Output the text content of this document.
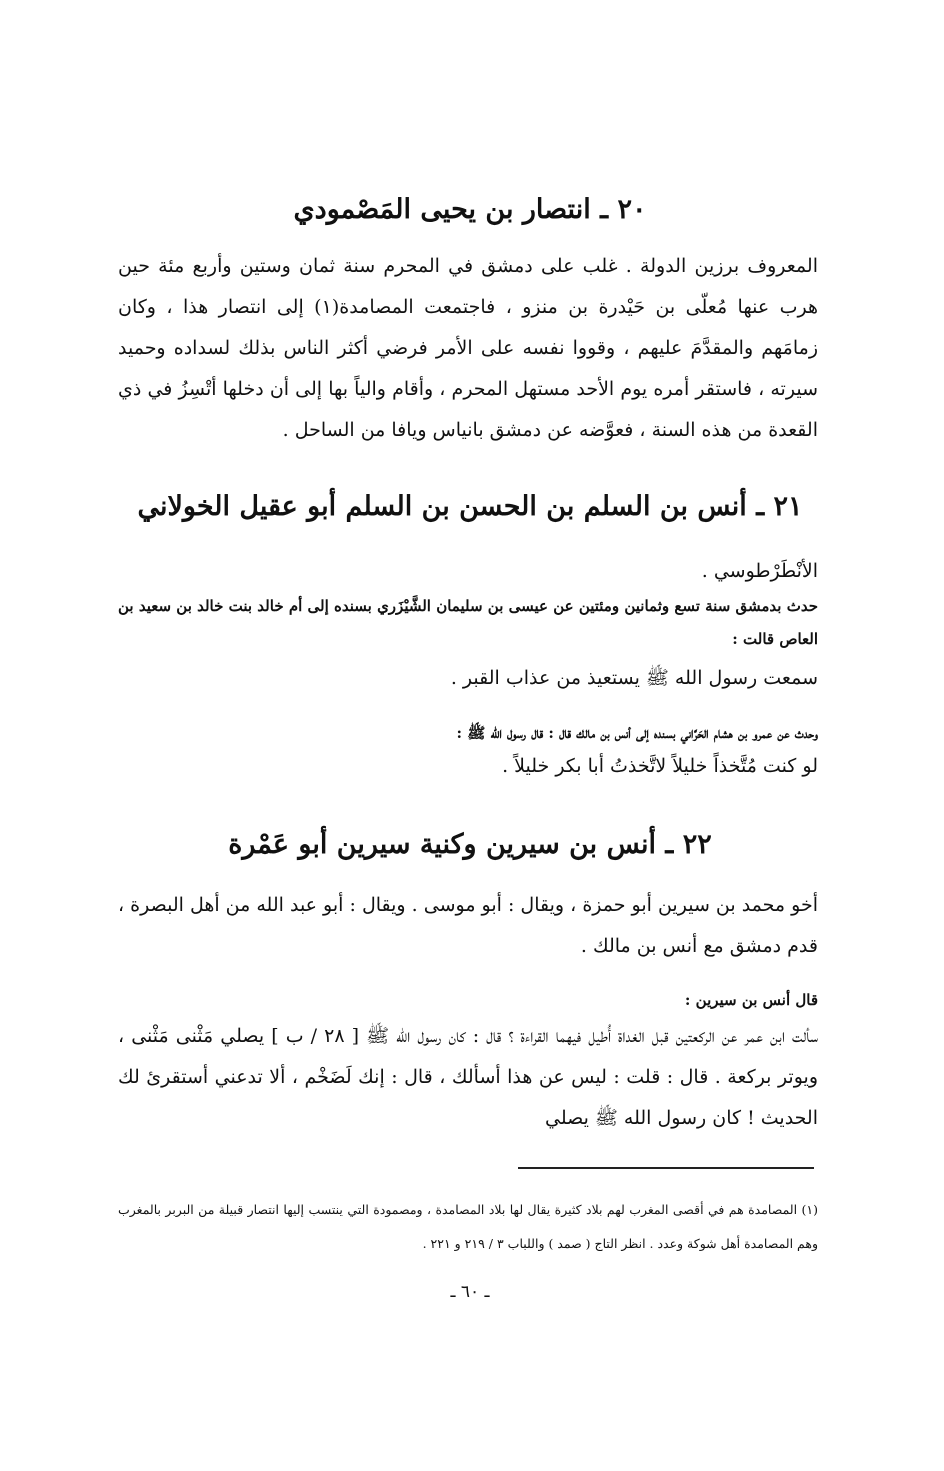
٢٠ ـ انتصار بن يحيى المَصْمودي
المعروف برزين الدولة . غلب على دمشق في المحرم سنة ثمان وستين وأربع مئة حين هرب عنها مُعلّى بن حَيْدرة بن منزو ، فاجتمعت المصامدة(١) إلى انتصار هذا ، وكان زمامَهم والمقدَّمَ عليهم ، وقووا نفسه على الأمر فرضي أكثر الناس بذلك لسداده وحميد سيرته ، فاستقر أمره يوم الأحد مستهل المحرم ، وأقام والياً بها إلى أن دخلها أتْسِزُ في ذي القعدة من هذه السنة ، فعوَّضه عن دمشق بانياس ويافا من الساحل .
٢١ ـ أنس بن السلم بن الحسن بن السلم أبو عقيل الخولاني
الأنْطَرْطوسي .
حدث بدمشق سنة تسع وثمانين ومئتين عن عيسى بن سليمان الشَّيْزَري بسنده إلى أم خالد بنت خالد بن سعيد بن العاص قالت :
سمعت رسول الله ﷺ يستعيذ من عذاب القبر .
وحدث عن عمرو بن هشام الحَرَّاني بسنده إلى أنس بن مالك قال : قال رسول الله ﷺ :
لو كنت مُتَّخذاً خليلاً لاتَّخذتُ أبا بكر خليلاً .
٢٢ ـ أنس بن سيرين وكنية سيرين أبو عَمْرة
أخو محمد بن سيرين أبو حمزة ، ويقال : أبو موسى . ويقال : أبو عبد الله من أهل البصرة ، قدم دمشق مع أنس بن مالك .
قال أنس بن سيرين :
سألت ابن عمر عن الركعتين قبل الغداة أُطيل فيهما القراءة ؟ قال : كان رسول الله ﷺ [ ٢٨ / ب ] يصلي مَثْنى مَثْنى ، ويوتر بركعة . قال : قلت : ليس عن هذا أسألك ، قال : إنك لَضَخْم ، ألا تدعني أستقرئ لك الحديث ! كان رسول الله ﷺ يصلي
(١) المصامدة هم في أقصى المغرب لهم بلاد كثيرة يقال لها بلاد المصامدة ، ومصمودة التي ينتسب إليها انتصار قبيلة من البربر بالمغرب وهم المصامدة أهل شوكة وعدد . انظر التاج ( صمد ) واللباب ٣ / ٢١٩ و ٢٢١ .
ـ ٦٠ ـ
